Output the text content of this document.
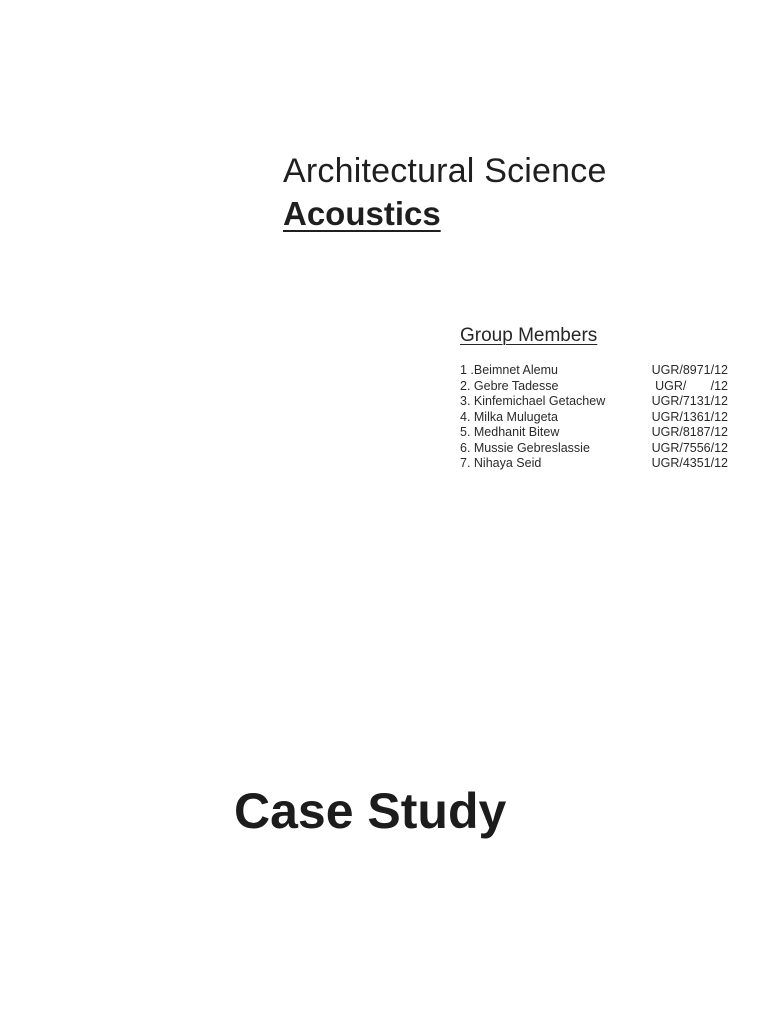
Architectural Science
Acoustics
Group Members
1 .Beimnet Alemu	UGR/8971/12
2. Gebre Tadesse	UGR/       /12
3. Kinfemichael Getachew	UGR/7131/12
4. Milka Mulugeta	UGR/1361/12
5. Medhanit Bitew	UGR/8187/12
6. Mussie Gebreslassie	UGR/7556/12
7. Nihaya Seid	UGR/4351/12
Case Study
